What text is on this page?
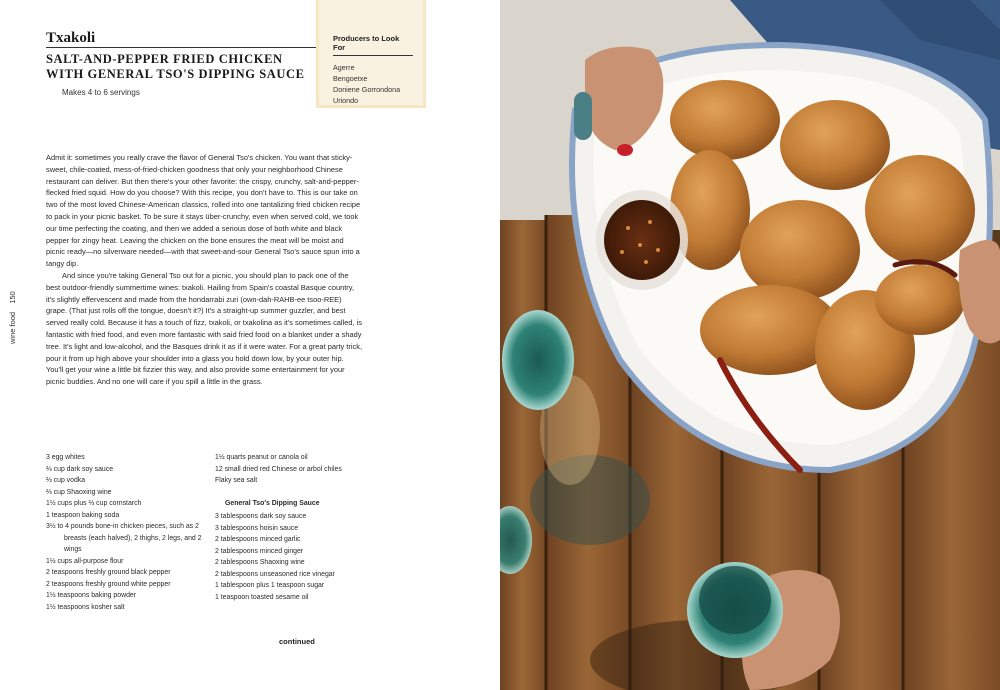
Txakoli
SALT-AND-PEPPER FRIED CHICKEN WITH GENERAL TSO'S DIPPING SAUCE
Makes 4 to 6 servings
Producers to Look For
Agerre
Bengoetxe
Doniene Gorrondona
Uriondo
wine food 150

Admit it: sometimes you really crave the flavor of General Tso's chicken. You want that sticky-sweet, chile-coated, mess-of-fried-chicken goodness that only your neighborhood Chinese restaurant can deliver. But then there's your other favorite: the crispy, crunchy, salt-and-pepper-flecked fried squid. How do you choose? With this recipe, you don't have to. This is our take on two of the most loved Chinese-American classics, rolled into one tantalizing fried chicken recipe to pack in your picnic basket. To be sure it stays über-crunchy, even when served cold, we took our time perfecting the coating, and then we added a serious dose of both white and black pepper for zingy heat. Leaving the chicken on the bone ensures the meat will be moist and picnic ready—no silverware needed—with that sweet-and-sour General Tso's sauce spun into a tangy dip.

And since you're taking General Tso out for a picnic, you should plan to pack one of the best outdoor-friendly summertime wines: txakoli. Hailing from Spain's coastal Basque country, it's slightly effervescent and made from the hondarrabi zuri (own-dah-RAHB-ee tsoo-REE) grape. (That just rolls off the tongue, doesn't it?) It's a straight-up summer guzzler, and best served really cold. Because it has a touch of fizz, txakoli, or txakolina as it's sometimes called, is fantastic with fried food, and even more fantastic with said fried food on a blanket under a shady tree. It's light and low-alcohol, and the Basques drink it as if it were water. For a great party trick, pour it from up high above your shoulder into a glass you hold down low, by your outer hip. You'll get your wine a little bit fizzier this way, and also provide some entertainment for your picnic buddies. And no one will care if you spill a little in the grass.

3 egg whites
⅔ cup dark soy sauce
⅔ cup vodka
⅔ cup Shaoxing wine
1½ cups plus ⅔ cup cornstarch
1 teaspoon baking soda
3½ to 4 pounds bone-in chicken pieces, such as 2 breasts (each halved), 2 thighs, 2 legs, and 2 wings
1½ cups all-purpose flour
2 teaspoons freshly ground black pepper
2 teaspoons freshly ground white pepper
1½ teaspoons baking powder
1½ teaspoons kosher salt
1½ quarts peanut or canola oil
12 small dried red Chinese or arbol chiles
Flaky sea salt
General Tso's Dipping Sauce
3 tablespoons dark soy sauce
3 tablespoons hoisin sauce
2 tablespoons minced garlic
2 tablespoons minced ginger
2 tablespoons Shaoxing wine
2 tablespoons unseasoned rice vinegar
1 tablespoon plus 1 teaspoon sugar
1 teaspoon toasted sesame oil
continued
